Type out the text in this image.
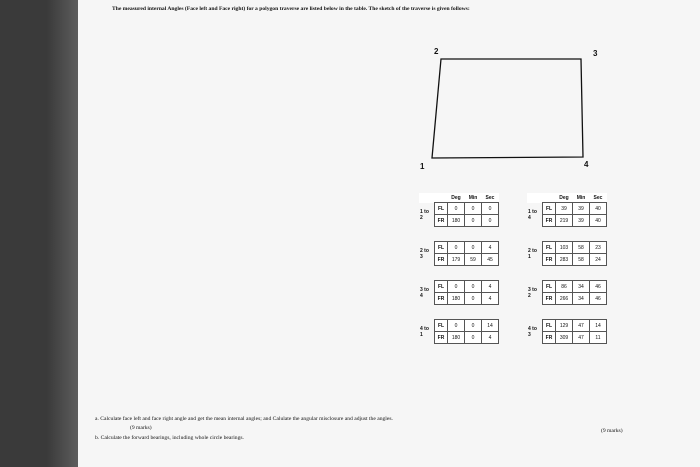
The measured internal Angles (Face left and Face right) for a polygon traverse are listed below in the table. The sketch of the traverse is given follows:
2	3
1	4
		Deg	Min	Sec
1 to
2	FL	0	0	0
	FR	180	0	0

2 to
3	FL	0	0	4
	FR	179	59	45

3 to
4	FL	0	0	4
	FR	180	0	4

4 to
1	FL	0	0	14
	FR	180	0	4
		Deg	Min	Sec
1 to
4	FL	39	39	40
	FR	219	39	40

2 to
1	FL	103	58	23
	FR	283	58	24

3 to
2	FL	86	34	46
	FR	266	34	46

4 to
3	FL	129	47	14
	FR	309	47	11
a. Calculate face left and face right angle and get the mean internal angles; and Calulate the angular misclosure and adjust the angles.
(9 marks)
b. Calculate the forward bearings, including whole circle bearings.
(9 marks)
